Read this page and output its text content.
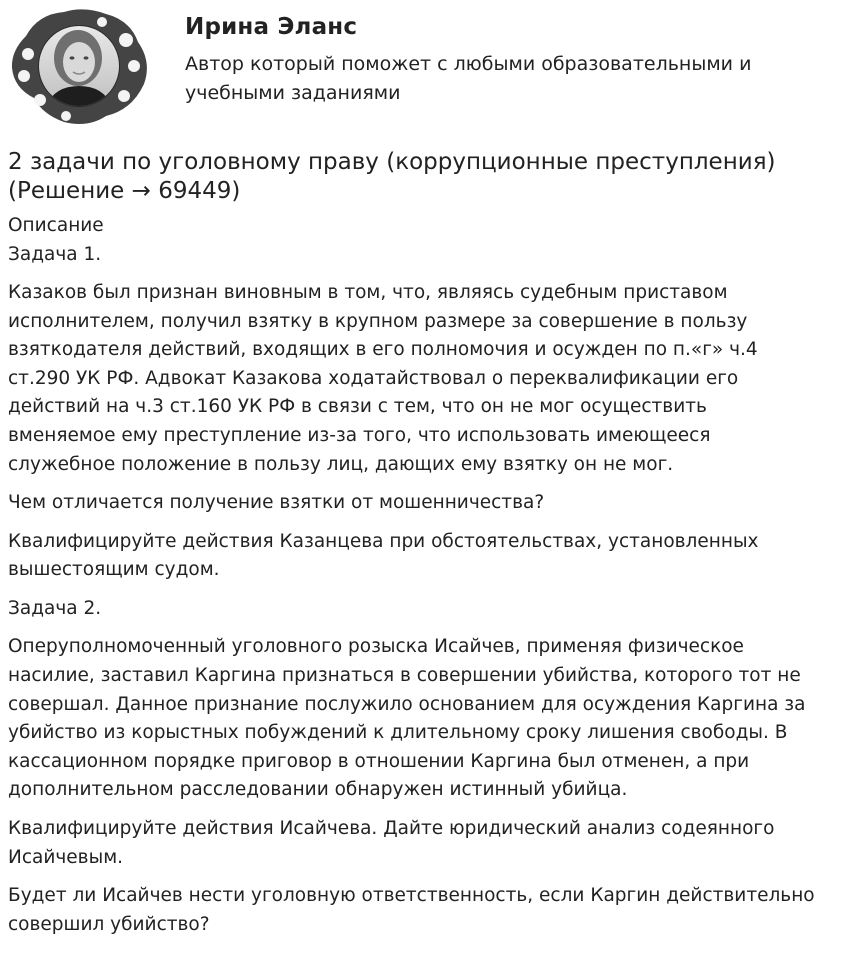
Ирина Эланс
Автор который поможет с любыми образовательными и
учебными заданиями
2 задачи по уголовному праву (коррупционные преступления)
(Решение → 69449)
Описание
Задача 1.

Казаков был признан виновным в том, что, являясь судебным приставом
исполнителем, получил взятку в крупном размере за совершение в пользу
взяткодателя действий, входящих в его полномочия и осужден по п.«г» ч.4
ст.290 УК РФ. Адвокат Казакова ходатайствовал о переквалификации его
действий на ч.3 ст.160 УК РФ в связи с тем, что он не мог осуществить
вменяемое ему преступление из-за того, что использовать имеющееся
служебное положение в пользу лиц, дающих ему взятку он не мог.

Чем отличается получение взятки от мошенничества?

Квалифицируйте действия Казанцева при обстоятельствах, установленных
вышестоящим судом.

Задача 2.

Оперуполномоченный уголовного розыска Исайчев, применяя физическое
насилие, заставил Каргина признаться в совершении убийства, которого тот не
совершал. Данное признание послужило основанием для осуждения Каргина за
убийство из корыстных побуждений к длительному сроку лишения свободы. В
кассационном порядке приговор в отношении Каргина был отменен, а при
дополнительном расследовании обнаружен истинный убийца.

Квалифицируйте действия Исайчева. Дайте юридический анализ содеянного
Исайчевым.

Будет ли Исайчев нести уголовную ответственность, если Каргин действительно
совершил убийство?
